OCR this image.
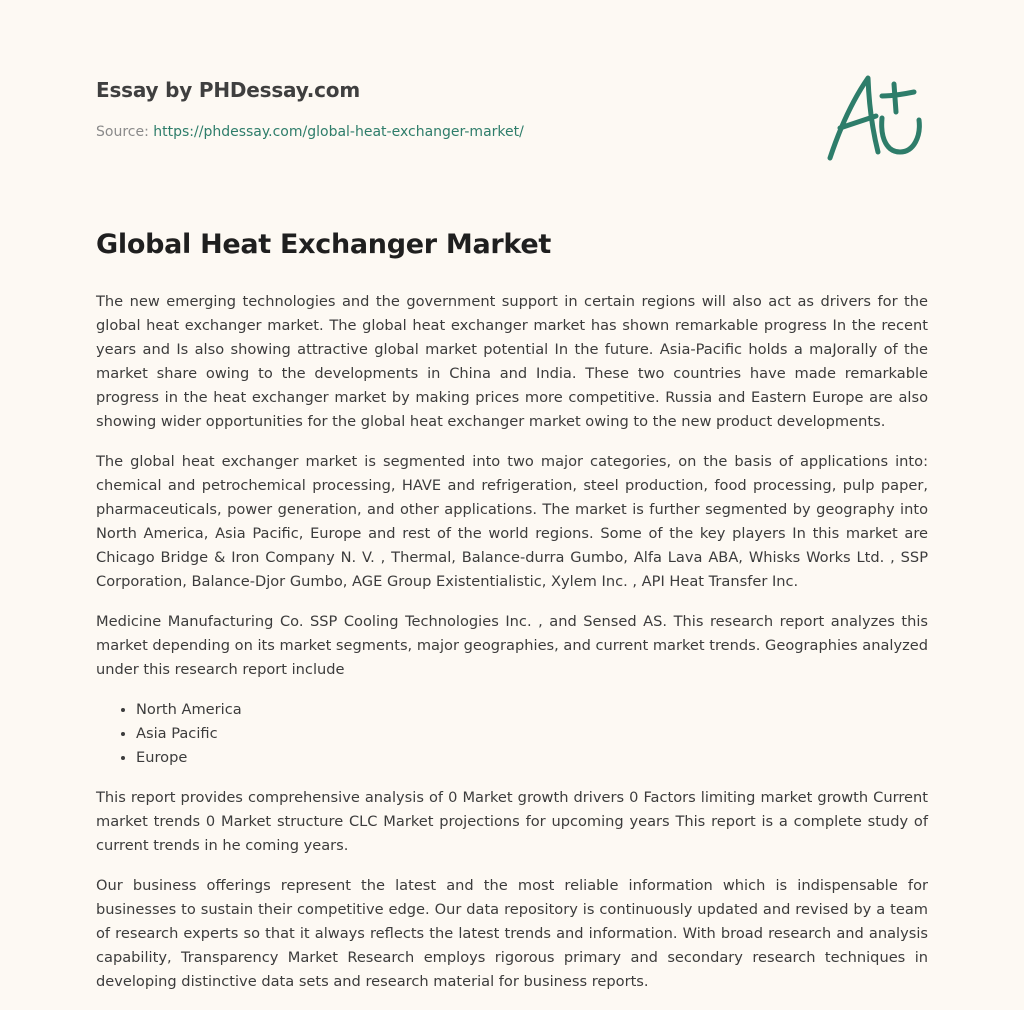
Essay by PHDessay.com
Source: https://phdessay.com/global-heat-exchanger-market/
Global Heat Exchanger Market

The new emerging technologies and the government support in certain regions will also act as drivers for the global heat exchanger market. The global heat exchanger market has shown remarkable progress In the recent years and Is also showing attractive global market potential In the future. Asia-Pacific holds a maJorally of the market share owing to the developments in China and India. These two countries have made remarkable progress in the heat exchanger market by making prices more competitive. Russia and Eastern Europe are also showing wider opportunities for the global heat exchanger market owing to the new product developments.

The global heat exchanger market is segmented into two major categories, on the basis of applications into: chemical and petrochemical processing, HAVE and refrigeration, steel production, food processing, pulp paper, pharmaceuticals, power generation, and other applications. The market is further segmented by geography into North America, Asia Pacific, Europe and rest of the world regions. Some of the key players In this market are Chicago Bridge & Iron Company N. V. , Thermal, Balance-durra Gumbo, Alfa Lava ABA, Whisks Works Ltd. , SSP Corporation, Balance-Djor Gumbo, AGE Group Existentialistic, Xylem Inc. , API Heat Transfer Inc.

Medicine Manufacturing Co. SSP Cooling Technologies Inc. , and Sensed AS. This research report analyzes this market depending on its market segments, major geographies, and current market trends. Geographies analyzed under this research report include

• North America
• Asia Pacific
• Europe

This report provides comprehensive analysis of 0 Market growth drivers 0 Factors limiting market growth Current market trends 0 Market structure CLC Market projections for upcoming years This report is a complete study of current trends in he coming years.

Our business offerings represent the latest and the most reliable information which is indispensable for businesses to sustain their competitive edge. Our data repository is continuously updated and revised by a team of research experts so that it always reflects the latest trends and information. With broad research and analysis capability, Transparency Market Research employs rigorous primary and secondary research techniques in developing distinctive data sets and research material for business reports.
